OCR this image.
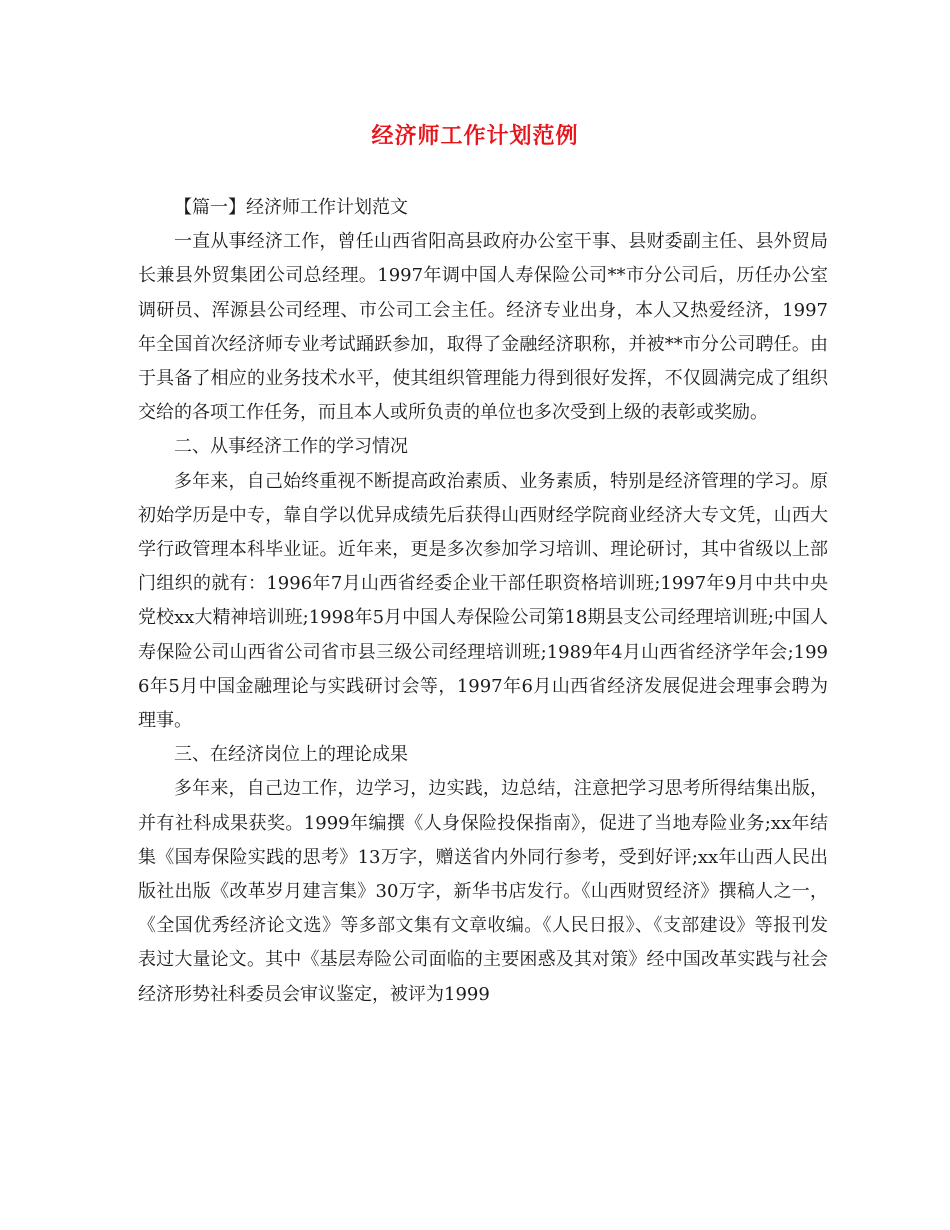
经济师工作计划范例

【篇一】经济师工作计划范文

一直从事经济工作，曾任山西省阳高县政府办公室干事、县财委副主任、县外贸局长兼县外贸集团公司总经理。1997年调中国人寿保险公司**市分公司后，历任办公室调研员、浑源县公司经理、市公司工会主任。经济专业出身，本人又热爱经济，1997年全国首次经济师专业考试踊跃参加，取得了金融经济职称，并被**市分公司聘任。由于具备了相应的业务技术水平，使其组织管理能力得到很好发挥，不仅圆满完成了组织交给的各项工作任务，而且本人或所负责的单位也多次受到上级的表彰或奖励。

二、从事经济工作的学习情况

多年来，自己始终重视不断提高政治素质、业务素质，特别是经济管理的学习。原初始学历是中专，靠自学以优异成绩先后获得山西财经学院商业经济大专文凭，山西大学行政管理本科毕业证。近年来，更是多次参加学习培训、理论研讨，其中省级以上部门组织的就有：1996年7月山西省经委企业干部任职资格培训班;1997年9月中共中央党校xx大精神培训班;1998年5月中国人寿保险公司第18期县支公司经理培训班;中国人寿保险公司山西省公司省市县三级公司经理培训班;1989年4月山西省经济学年会;1996年5月中国金融理论与实践研讨会等，1997年6月山西省经济发展促进会理事会聘为理事。

三、在经济岗位上的理论成果

多年来，自己边工作，边学习，边实践，边总结，注意把学习思考所得结集出版，并有社科成果获奖。1999年编撰《人身保险投保指南》，促进了当地寿险业务;xx年结集《国寿保险实践的思考》13万字，赠送省内外同行参考，受到好评;xx年山西人民出版社出版《改革岁月建言集》30万字，新华书店发行。《山西财贸经济》撰稿人之一，《全国优秀经济论文选》等多部文集有文章收编。《人民日报》、《支部建设》等报刊发表过大量论文。其中《基层寿险公司面临的主要困惑及其对策》经中国改革实践与社会经济形势社科委员会审议鉴定，被评为1999
